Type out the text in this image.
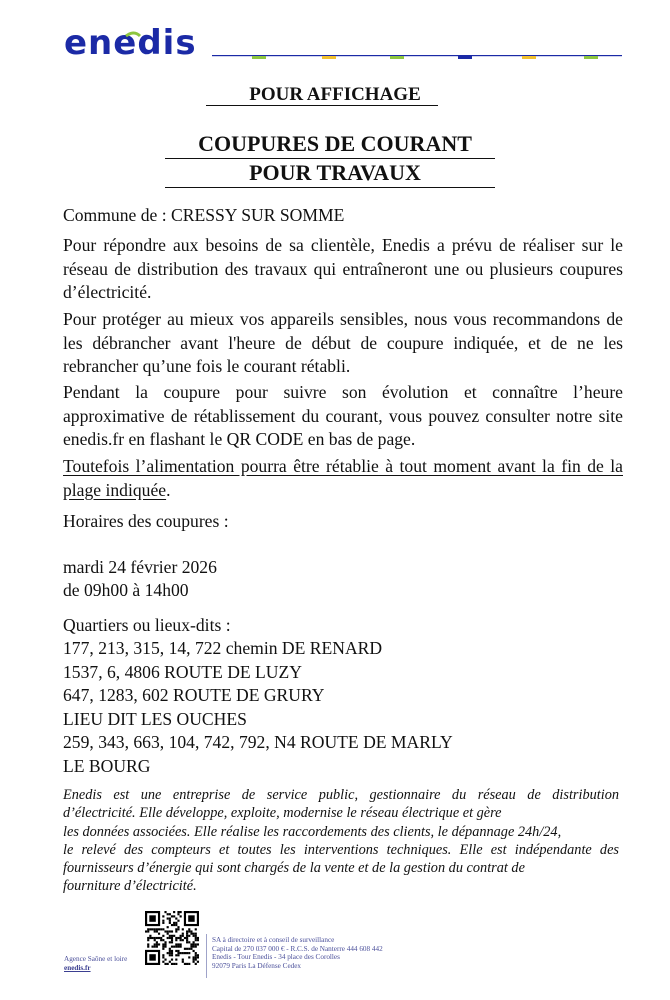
enedis
POUR AFFICHAGE
COUPURES DE COURANT
POUR TRAVAUX
Commune de : CRESSY SUR SOMME
Pour répondre aux besoins de sa clientèle, Enedis a prévu de réaliser sur le réseau de distribution des travaux qui entraîneront une ou plusieurs coupures d’électricité.
Pour protéger au mieux vos appareils sensibles, nous vous recommandons de les débrancher avant l'heure de début de coupure indiquée, et de ne les rebrancher qu’une fois le courant rétabli.
Pendant la coupure pour suivre son évolution et connaître l’heure approximative de rétablissement du courant, vous pouvez consulter notre site enedis.fr en flashant le QR CODE en bas de page.
Toutefois l’alimentation pourra être rétablie à tout moment avant la fin de la plage indiquée.
Horaires des coupures :
mardi 24 février 2026
de 09h00 à 14h00
Quartiers ou lieux-dits :
177, 213, 315, 14, 722 chemin DE RENARD
1537, 6, 4806 ROUTE DE LUZY
647, 1283, 602 ROUTE DE GRURY
LIEU DIT LES OUCHES
259, 343, 663, 104, 742, 792, N4 ROUTE DE MARLY
LE BOURG
Enedis est une entreprise de service public, gestionnaire du réseau de distribution
d’électricité. Elle développe, exploite, modernise le réseau électrique et gère
les données associées. Elle réalise les raccordements des clients, le dépannage 24h/24,
le relevé des compteurs et toutes les interventions techniques. Elle est indépendante des
fournisseurs d’énergie qui sont chargés de la vente et de la gestion du contrat de
fourniture d’électricité.
Agence Saône et loire
enedis.fr
SA à directoire et à conseil de surveillance
Capital de 270 037 000 € - R.C.S. de Nanterre 444 608 442
Enedis - Tour Enedis - 34 place des Corolles
92079 Paris La Défense Cedex
